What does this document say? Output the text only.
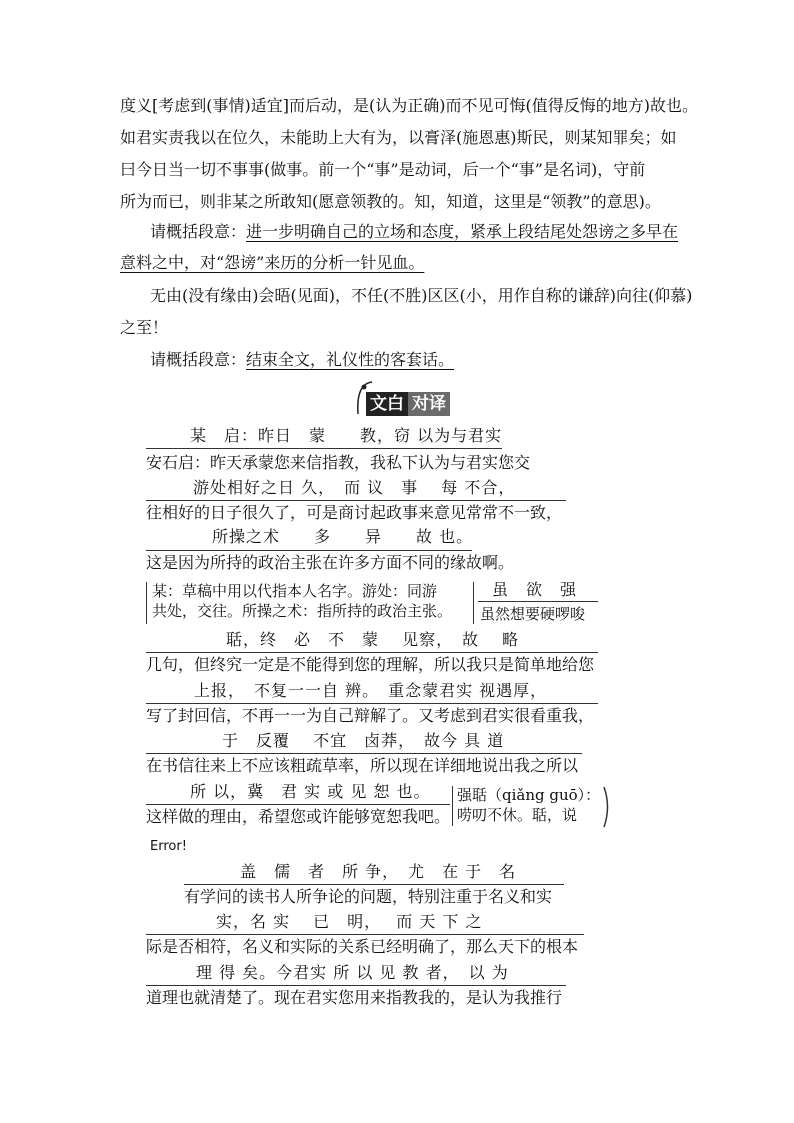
度义[考虑到(事情)适宜]而后动，是(认为正确)而不见可悔(值得反悔的地方)故也。
如君实责我以在位久，未能助上大有为，以膏泽(施恩惠)斯民，则某知罪矣；如
曰今日当一切不事事(做事。前一个“事”是动词，后一个“事”是名词)，守前
所为而已，则非某之所敢知(愿意领教的。知，知道，这里是“领教”的意思)。
请概括段意：进一步明确自己的立场和态度，紧承上段结尾处怨谤之多早在
意料之中，对“怨谤”来历的分析一针见血。
无由(没有缘由)会晤(见面)，不任(不胜)区区(小，用作自称的谦辞)向往(仰慕)
之至！
请概括段意：结束全文，礼仪性的客套话。
文白 对译
某　启：昨日　蒙　　教，窃 以为与君实
安石启：昨天承蒙您来信指教，我私下认为与君实您交
游处相好之日 久，　而 议　事　 每 不合，
往相好的日子很久了，可是商讨起政事来意见常常不一致，
所操之术　　多　　异　　故 也。
这是因为所持的政治主张在许多方面不同的缘故啊。
某：草稿中用以代指本人名字。游处：同游
共处，交往。所操之术：指所持的政治主张。
虽　欲　强
虽然想要硬啰唆
聒，终　必　不　蒙　 见察，　故　 略
几句，但终究一定是不能得到您的理解，所以我只是简单地给您
上报，　不复一一自 辨。　重念蒙君实 视遇厚，
写了封回信，不再一一为自己辩解了。又考虑到君实很看重我，
于　反覆　 不宜　卤莽，　故今 具 道
在书信往来上不应该粗疏草率，所以现在详细地说出我之所以
所 以，冀　君 实 或 见 恕 也。
这样做的理由，希望您或许能够宽恕我吧。
强聒（qiǎng guō）：
唠叨不休。聒，说
Error!
盖　儒　者　所 争，　尤　在 于　名
有学问的读书人所争论的问题，特别注重于名义和实
实，名 实　 已　明，　 而 天 下 之
际是否相符，名义和实际的关系已经明确了，那么天下的根本
理 得 矣。今君实 所 以 见 教 者，　以 为
道理也就清楚了。现在君实您用来指教我的，是认为我推行
